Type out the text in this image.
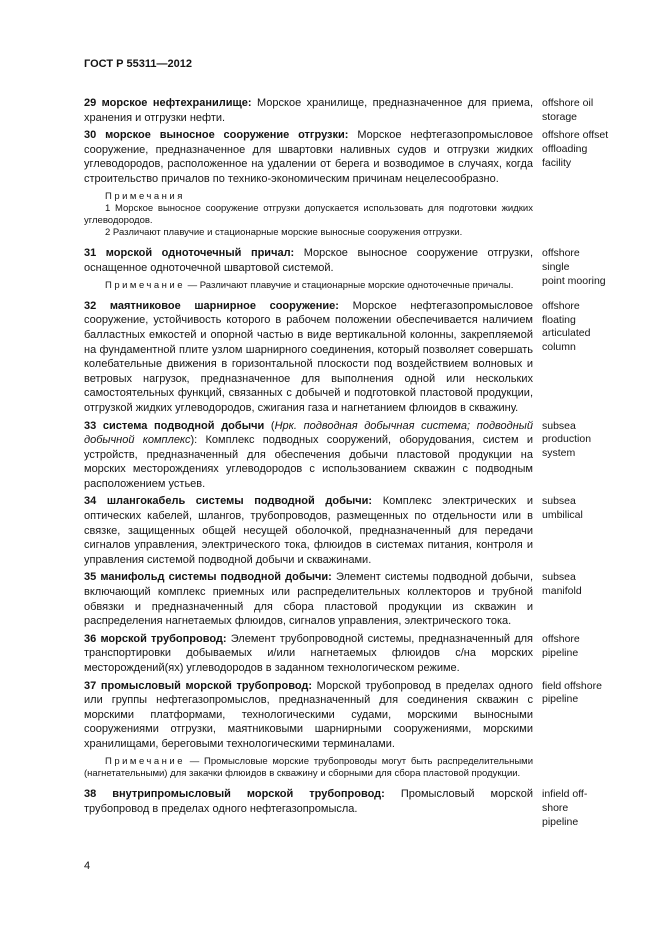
ГОСТ Р 55311—2012

29 морское нефтехранилище: Морское хранилище, предназначенное для приема, хранения и отгрузки нефти.

offshore oil
storage

30 морское выносное сооружение отгрузки: Морское нефтегазопромысловое сооружение, предназначенное для швартовки наливных судов и отгрузки жидких углеводородов, расположенное на удалении от берега и возводимое в случаях, когда строительство причалов по технико-экономическим причинам нецелесообразно.

Примечания

1 Морское выносное сооружение отгрузки допускается использовать для подготовки жидких углеводородов.

2 Различают плавучие и стационарные морские выносные сооружения отгрузки.

offshore offset
offloading
facility

31 морской одноточечный причал: Морское выносное сооружение отгрузки, оснащенное одноточечной швартовой системой.

Примечание — Различают плавучие и стационарные морские одноточечные причалы.

offshore
single
point mooring

32 маятниковое шарнирное сооружение: Морское нефтегазопромысловое сооружение, устойчивость которого в рабочем положении обеспечивается наличием балластных емкостей и опорной частью в виде вертикальной колонны, закрепляемой на фундаментной плите узлом шарнирного соединения, который позволяет совершать колебательные движения в горизонтальной плоскости под воздействием волновых и ветровых нагрузок, предназначенное для выполнения одной или нескольких самостоятельных функций, связанных с добычей и подготовкой пластовой продукции, отгрузкой жидких углеводородов, сжигания газа и нагнетанием флюидов в скважину.

offshore
floating
articulated
column

33 система подводной добычи (Нрк. подводная добычная система; подводный добычной комплекс): Комплекс подводных сооружений, оборудования, систем и устройств, предназначенный для обеспечения добычи пластовой продукции на морских месторождениях углеводородов с использованием скважин с подводным расположением устьев.

subsea
production
system

34 шлангокабель системы подводной добычи: Комплекс электрических и оптических кабелей, шлангов, трубопроводов, размещенных по отдельности или в связке, защищенных общей несущей оболочкой, предназначенный для передачи сигналов управления, электрического тока, флюидов в системах питания, контроля и управления системой подводной добычи и скважинами.

subsea
umbilical

35 манифольд системы подводной добычи: Элемент системы подводной добычи, включающий комплекс приемных или распределительных коллекторов и трубной обвязки и предназначенный для сбора пластовой продукции из скважин и распределения нагнетаемых флюидов, сигналов управления, электрического тока.

subsea
manifold

36 морской трубопровод: Элемент трубопроводной системы, предназначенный для транспортировки добываемых и/или нагнетаемых флюидов с/на морских месторождений(ях) углеводородов в заданном технологическом режиме.

offshore
pipeline

37 промысловый морской трубопровод: Морской трубопровод в пределах одного или группы нефтегазопромыслов, предназначенный для соединения скважин с морскими платформами, технологическими судами, морскими выносными сооружениями отгрузки, маятниковыми шарнирными сооружениями, морскими хранилищами, береговыми технологическими терминалами.

Примечание — Промысловые морские трубопроводы могут быть распределительными (нагнетательными) для закачки флюидов в скважину и сборными для сбора пластовой продукции.

field offshore
pipeline

38 внутрипромысловый морской трубопровод: Промысловый морской трубопровод в пределах одного нефтегазопромысла.

infield off-
shore
pipeline
4
